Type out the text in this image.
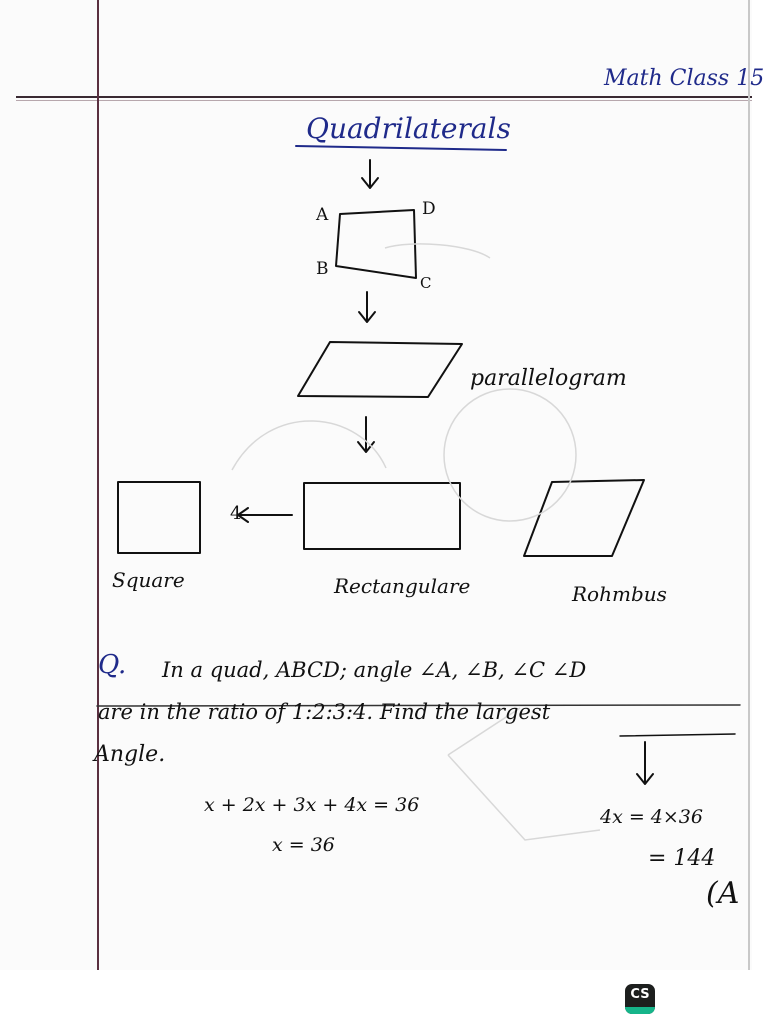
Math Class 15
Quadrilaterals
A	D
B
C
parallelogram
4
Square	Rectangulare	Rohmbus
Q. In a quad, ABCD; angle ∠A, ∠B, ∠C ∠D
are in the ratio of 1:2:3:4. Find the largest
Angle.
x + 2x + 3x + 4x = 36
x = 36
4x = 4×36
= 144
(A
CS
